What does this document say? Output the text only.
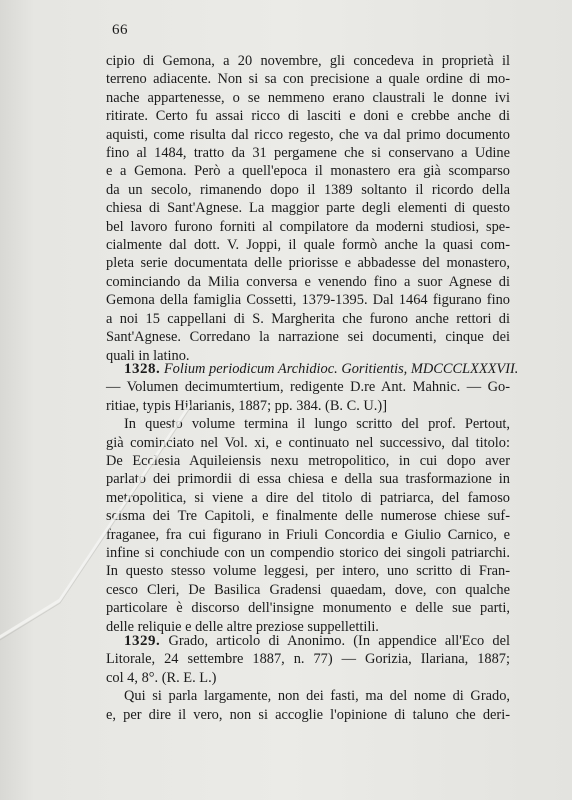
66
cipio di Gemona, a 20 novembre, gli concedeva in proprietà il
terreno adiacente. Non si sa con precisione a quale ordine di mo-
nache appartenesse, o se nemmeno erano claustrali le donne ivi
ritirate. Certo fu assai ricco di lasciti e doni e crebbe anche di
aquisti, come risulta dal ricco regesto, che va dal primo documento
fino al 1484, tratto da 31 pergamene che si conservano a Udine
e a Gemona. Però a quell'epoca il monastero era già scomparso
da un secolo, rimanendo dopo il 1389 soltanto il ricordo della
chiesa di Sant'Agnese. La maggior parte degli elementi di questo
bel lavoro furono forniti al compilatore da moderni studiosi, spe-
cialmente dal dott. V. Joppi, il quale formò anche la quasi com-
pleta serie documentata delle priorisse e abbadesse del monastero,
cominciando da Milia conversa e venendo fino a suor Agnese di
Gemona della famiglia Cossetti, 1379-1395. Dal 1464 figurano fino
a noi 15 cappellani di S. Margherita che furono anche rettori di
Sant'Agnese. Corredano la narrazione sei documenti, cinque dei
quali in latino.
1328. Folium periodicum Archidioc. Goritientis, MDCCCLXXXVII.
— Volumen decimumtertium, redigente D.re Ant. Mahnic. — Go-
ritiae, typis Hilarianis, 1887; pp. 384. (B. C. U.)]
In questo volume termina il lungo scritto del prof. Pertout,
già cominciato nel Vol. xi, e continuato nel successivo, dal titolo:
De Ecclesia Aquileiensis nexu metropolitico, in cui dopo aver
parlato dei primordii di essa chiesa e della sua trasformazione in
metropolitica, si viene a dire del titolo di patriarca, del famoso
scisma dei Tre Capitoli, e finalmente delle numerose chiese suf-
fraganee, fra cui figurano in Friuli Concordia e Giulio Carnico, e
infine si conchiude con un compendio storico dei singoli patriarchi.
In questo stesso volume leggesi, per intero, uno scritto di Fran-
cesco Cleri, De Basilica Gradensi quaedam, dove, con qualche
particolare è discorso dell'insigne monumento e delle sue parti,
delle reliquie e delle altre preziose suppellettili.
1329. Grado, articolo di Anonimo. (In appendice all'Eco del
Litorale, 24 settembre 1887, n. 77) — Gorizia, Ilariana, 1887;
col 4, 8°. (R. E. L.)
Qui si parla largamente, non dei fasti, ma del nome di Grado,
e, per dire il vero, non si accoglie l'opinione di taluno che deri-
